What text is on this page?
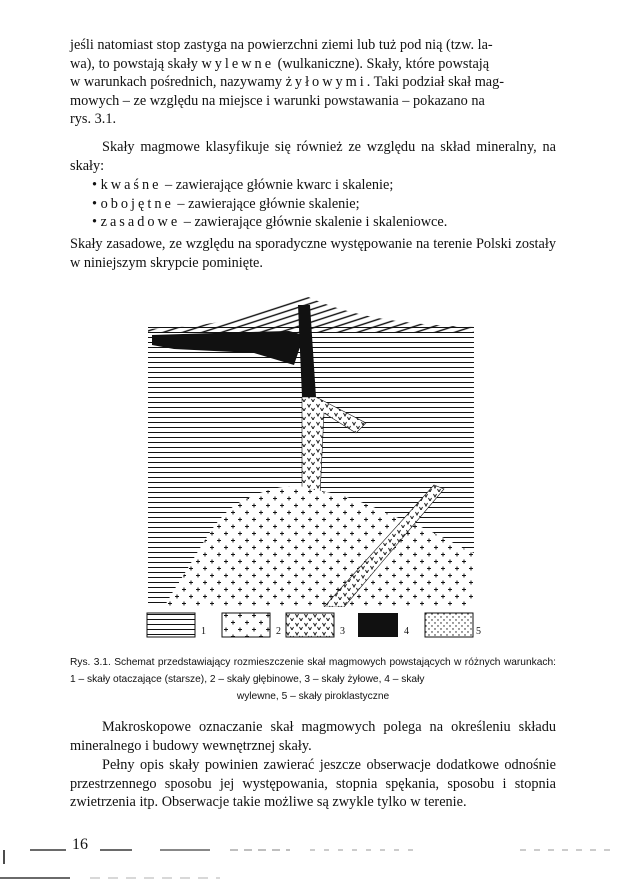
jeśli natomiast stop zastyga na powierzchni ziemi lub tuż pod nią (tzw. la-
wa), to powstają skały wylewne (wulkaniczne). Skały, które powstają
w warunkach pośrednich, nazywamy żyłowymi. Taki podział skał mag-
mowych – ze względu na miejsce i warunki powstawania – pokazano na
rys. 3.1.
Skały magmowe klasyfikuje się również ze względu na skład mineralny, na skały:
• kwaśne – zawierające głównie kwarc i skalenie;
• obojętne – zawierające głównie skalenie;
• zasadowe – zawierające głównie skalenie i skaleniowce.
Skały zasadowe, ze względu na sporadyczne występowanie na terenie Polski zostały w niniejszym skrypcie pominięte.
1	2	3	4	5
Rys. 3.1. Schemat przedstawiający rozmieszczenie skał magmowych powstających w różnych warunkach: 1 – skały otaczające (starsze), 2 – skały głębinowe, 3 – skały żyłowe, 4 – skały
wylewne, 5 – skały piroklastyczne
Makroskopowe oznaczanie skał magmowych polega na określeniu składu mineralnego i budowy wewnętrznej skały.
Pełny opis skały powinien zawierać jeszcze obserwacje dodatkowe odnośnie przestrzennego sposobu jej występowania, stopnia spękania, sposobu i stopnia zwietrzenia itp. Obserwacje takie możliwe są zwykle tylko w terenie.
16
